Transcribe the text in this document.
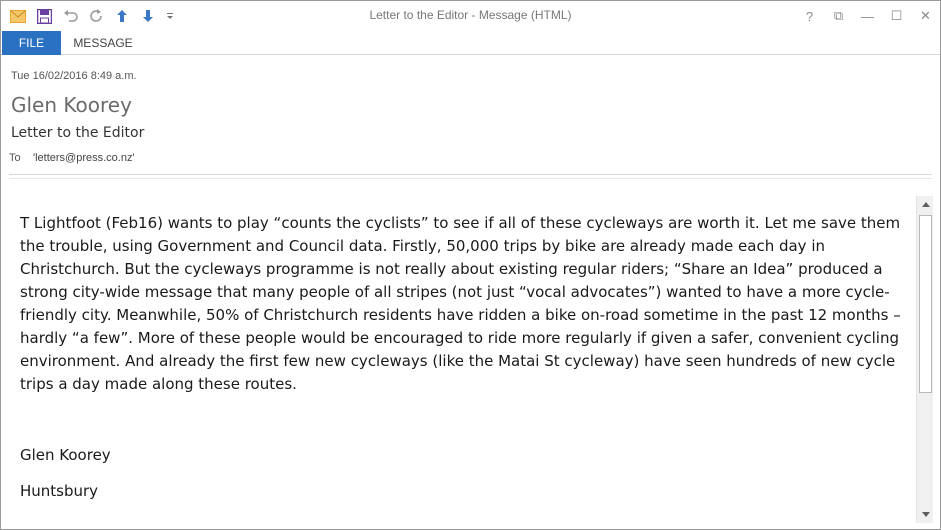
Letter to the Editor - Message (HTML)	?	⧉	—	☐	✕
FILE	MESSAGE
Tue 16/02/2016 8:49 a.m.
Glen Koorey
Letter to the Editor
To	'letters@press.co.nz'
T Lightfoot (Feb16) wants to play “counts the cyclists” to see if all of these cycleways are worth it. Let me save them the trouble, using Government and Council data. Firstly, 50,000 trips by bike are already made each day in Christchurch. But the cycleways programme is not really about existing regular riders; “Share an Idea” produced a strong city-wide message that many people of all stripes (not just “vocal advocates”) wanted to have a more cycle-friendly city. Meanwhile, 50% of Christchurch residents have ridden a bike on-road sometime in the past 12 months – hardly “a few”. More of these people would be encouraged to ride more regularly if given a safer, convenient cycling environment. And already the first few new cycleways (like the Matai St cycleway) have seen hundreds of new cycle trips a day made along these routes.
Glen Koorey
Huntsbury
